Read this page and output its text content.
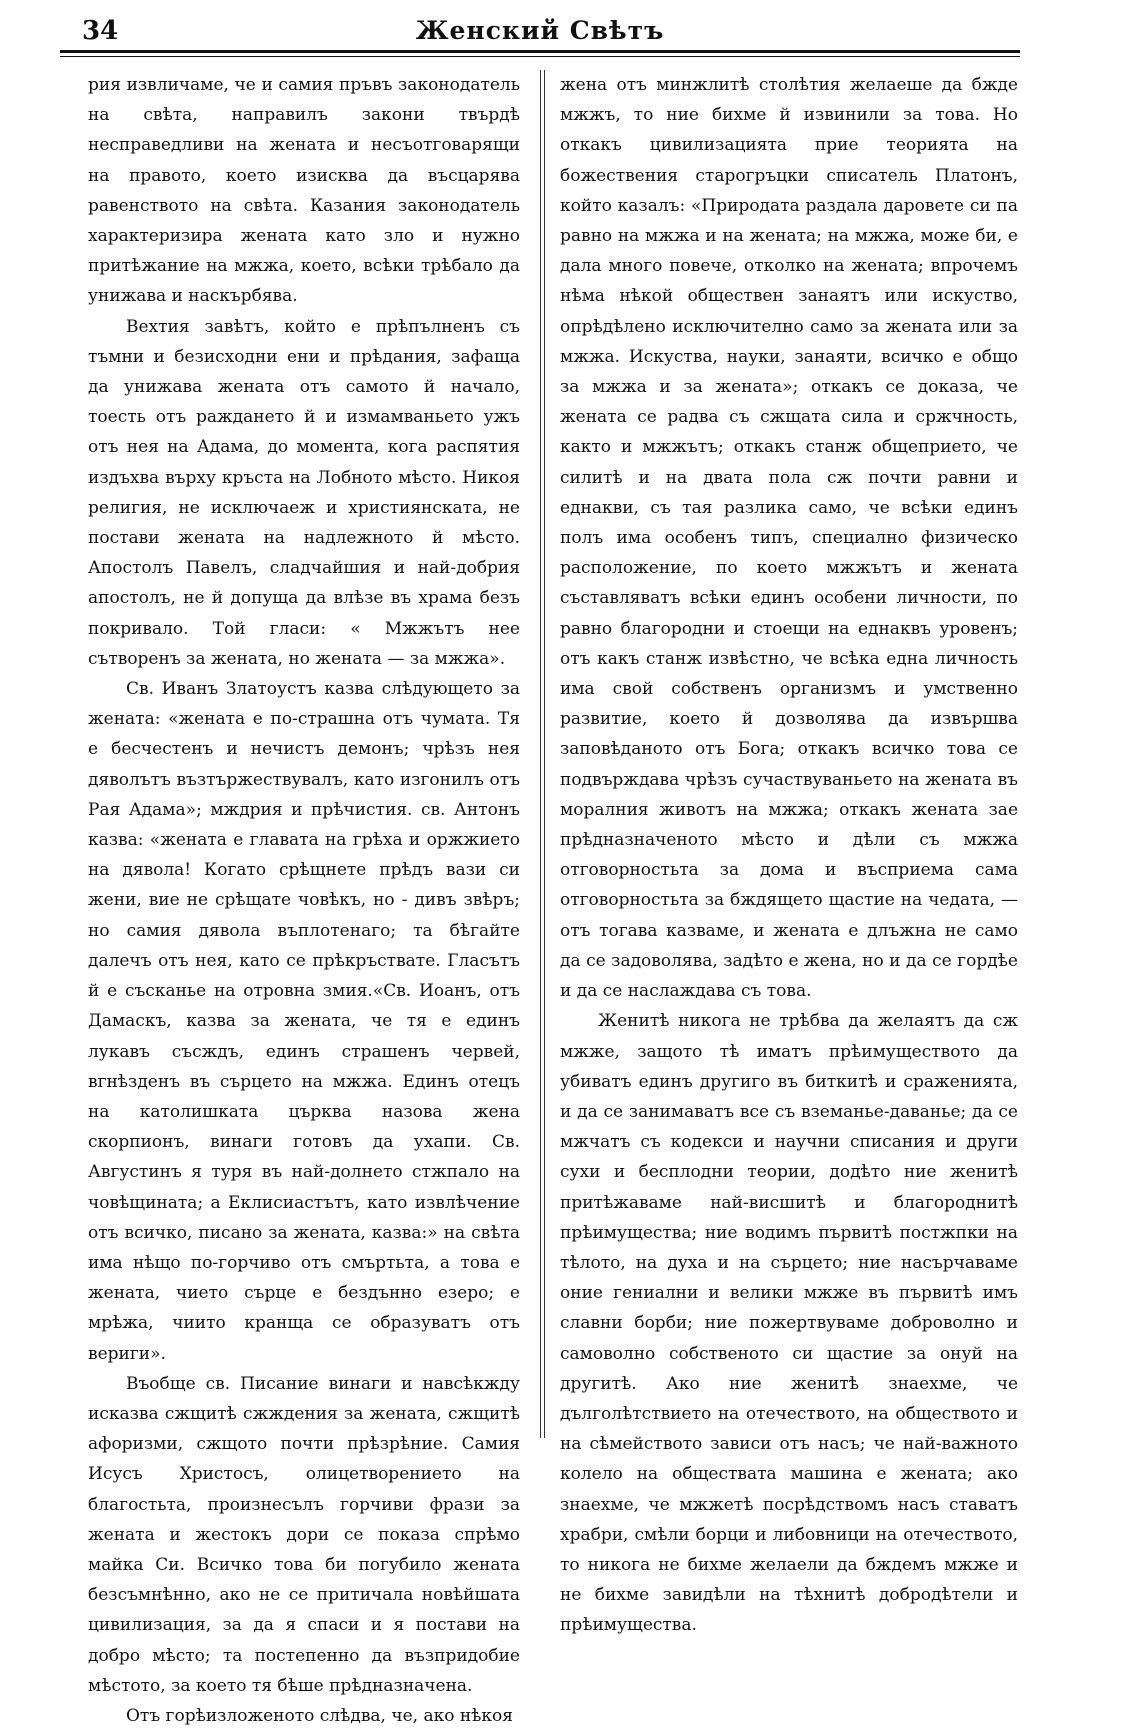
34	Женский Свѣтъ

рия извличаме, че и самия пръвъ законодатель на свѣта, направилъ закони твърдѣ несправедливи на жената и несъотговарящи на правото, което изисква да въсцарява равенството на свѣта. Казания законодатель характеризира жената като зло и нужно притѣжание на мжжа, което, всѣки трѣбало да унижава и наскърбява.

Вехтия завѣтъ, който е прѣпълненъ съ тъмни и безисходни ени и прѣдания, зафаща да унижава жената отъ самото й начало, тоесть отъ раждането й и измамваньето ужъ отъ нея на Адама, до момента, кога распятия издъхва върху кръста на Лобното мѣсто. Никоя религия, не исключаеж и християнската, не постави жената на надлежното й мѣсто. Апостолъ Павелъ, сладчайшия и най-добрия апостолъ, не й допуща да влѣзе въ храма безъ покривало. Той гласи: « Мжжътъ нее сътворенъ за жената, но жената — за мжжа».

Св. Иванъ Златоустъ казва слѣдующето за жената: «жената е по-страшна отъ чумата. Тя е бесчестенъ и нечистъ демонъ; чрѣзъ нея дяволътъ възтържествувалъ, като изгонилъ отъ Рая Адама»; мждрия и прѣчистия. св. Антонъ казва: «жената е главата на грѣха и оржжието на дявола! Когато срѣщнете прѣдъ вази си жени, вие не срѣщате човѣкъ, но - дивъ звѣръ; но самия дявола въплотенаго; та бѣгайте далечъ отъ нея, като се прѣкръствате. Гласътъ й е съсканье на отровна змия.«Св. Иоанъ, отъ Дамаскъ, казва за жената, че тя е единъ лукавъ съсждъ, единъ страшенъ червей, вгнѣзденъ въ сърцето на мжжа. Единъ отецъ на католишката църква назова жена скорпионъ, винаги готовъ да ухапи. Св. Августинъ я туря въ най-долнето стжпало на човѣщината; а Еклисиастътъ, като извлѣчение отъ всичко, писано за жената, казва:» на свѣта има нѣщо по-горчиво отъ смъртьта, а това е жената, чието сърце е бездънно езеро; е мрѣжа, чиито кранща се образуватъ отъ вериги».

Въобще св. Писание винаги и навсѣкжду исказва сжщитѣ сжждения за жената, сжщитѣ афоризми, сжщото почти прѣзрѣние. Самия Исусъ Христосъ, олицетворението на благостьта, произнесълъ горчиви фрази за жената и жестокъ дори се показа спрѣмо майка Си. Всичко това би погубило жената безсъмнѣнно, ако не се притичала новѣйшата цивилизация, за да я спаси и я постави на добро мѣсто; та постепенно да възпридобие мѣстото, за което тя бѣше прѣдназначена.

Отъ горѣизложеното слѣдва, че, ако нѣкоя

жена отъ минжлитѣ столѣтия желаеше да бжде мжжъ, то ние бихме й извинили за това. Но откакъ цивилизацията прие теорията на божествения старогръцки списатель Платонъ, който казалъ: «Природата раздала даровете си па равно на мжжа и на жената; на мжжа, може би, е дала много повече, отколко на жената; впрочемъ нѣма нѣкой обществен занаятъ или искуство, опрѣдѣлено исключително само за жената или за мжжа. Искуства, науки, занаяти, всичко е общо за мжжа и за жената»; откакъ се доказа, че жената се радва съ сжщата сила и сржчность, както и мжжътъ; откакъ станж общеприето, че силитѣ и на двата пола сж почти равни и еднакви, съ тая разлика само, че всѣки единъ полъ има особенъ типъ, специално физическо расположение, по което мжжътъ и жената съставляватъ всѣки единъ особени личности, по равно благородни и стоещи на еднаквъ уровенъ; отъ какъ станж извѣстно, че всѣка една личность има свой собственъ организмъ и умственно развитие, което й дозволява да извършва заповѣданото отъ Бога; откакъ всичко това се подвърждава чрѣзъ сучаствуваньето на жената въ моралния животъ на мжжа; откакъ жената зае прѣдназначеното мѣсто и дѣли съ мжжа отговорностьта за дома и въсприема сама отговорностьта за бждящето щастие на чедата, — отъ тогава казваме, и жената е длъжна не само да се задоволява, задѣто е жена, но и да се гордѣе и да се наслаждава съ това.

Женитѣ никога не трѣбва да желаятъ да сж мжже, защото тѣ иматъ прѣимуществото да убиватъ единъ другиго въ биткитѣ и сраженията, и да се занимаватъ все съ вземанье-даванье; да се мжчатъ съ кодекси и научни списания и други сухи и бесплодни теории, додѣто ние женитѣ притѣжаваме най-висшитѣ и благороднитѣ прѣимущества; ние водимъ първитѣ постжпки на тѣлото, на духа и на сърцето; ние насърчаваме оние гениални и велики мжже въ първитѣ имъ славни борби; ние пожертвуваме доброволно и самоволно собственото си щастие за онуй на другитѣ. Ако ние женитѣ знаехме, че дълголѣтствието на отечеството, на обществото и на сѣмейството зависи отъ насъ; че най-важното колело на обществата машина е жената; ако знаехме, че мжжетѣ посрѣдствомъ насъ ставатъ храбри, смѣли борци и либовници на отечеството, то никога не бихме желаели да бждемъ мжже и не бихме завидѣли на тѣхнитѣ добродѣтели и прѣимущества.
